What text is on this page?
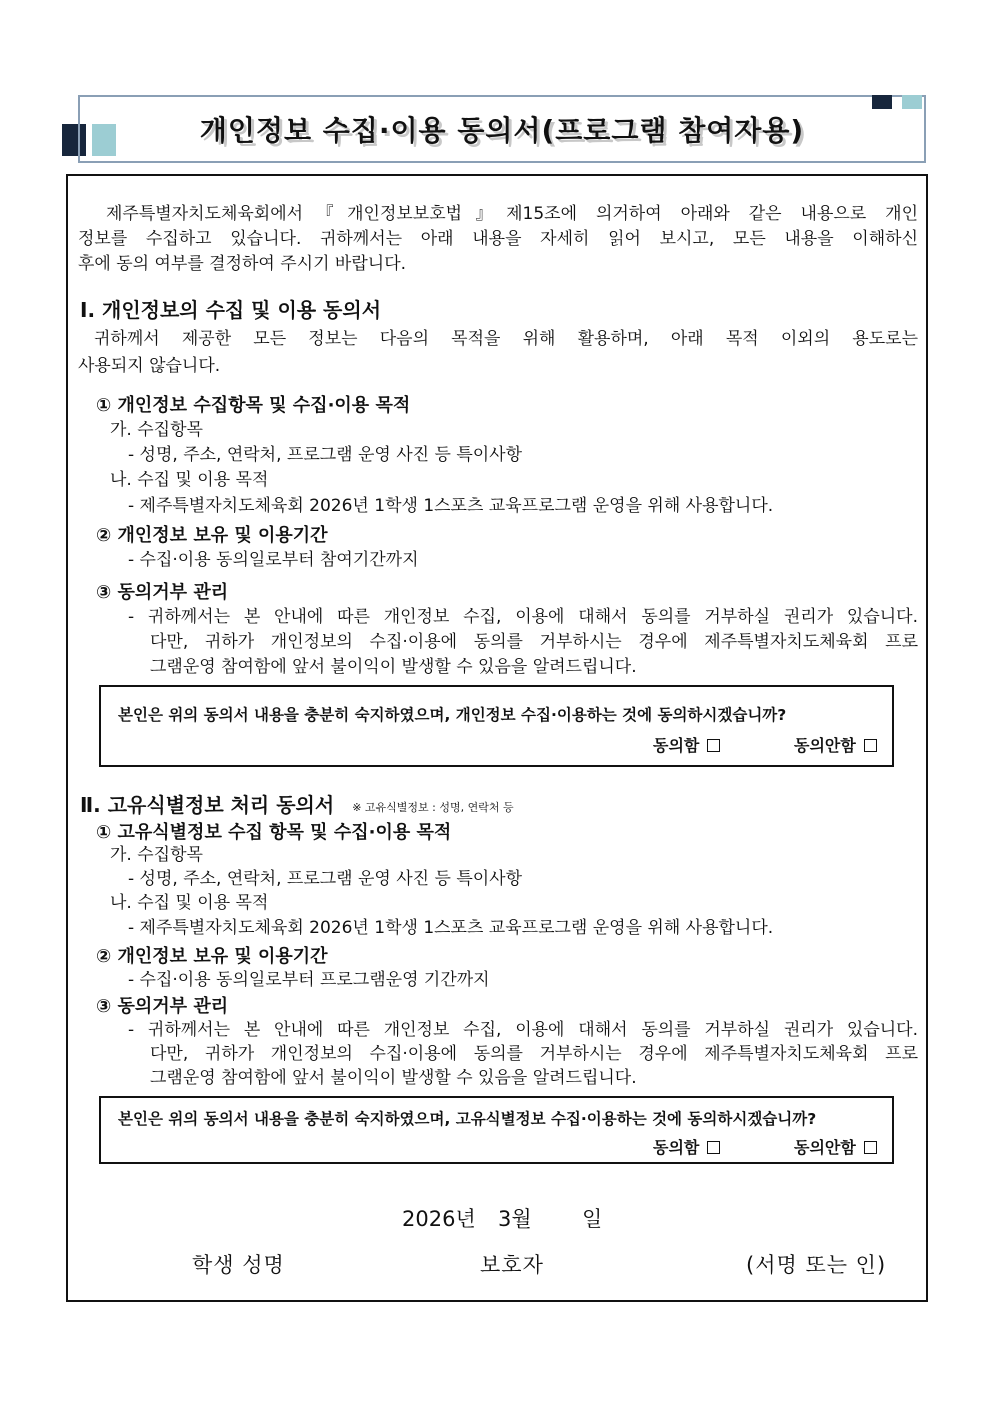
개인정보 수집·이용 동의서(프로그램 참여자용)
제주특별자치도체육회에서『개인정보보호법』제15조에 의거하여 아래와 같은 내용으로 개인
정보를 수집하고 있습니다. 귀하께서는 아래 내용을 자세히 읽어 보시고, 모든 내용을 이해하신
후에 동의 여부를 결정하여 주시기 바랍니다.
Ⅰ. 개인정보의 수집 및 이용 동의서
귀하께서 제공한 모든 정보는 다음의 목적을 위해 활용하며, 아래 목적 이외의 용도로는
사용되지 않습니다.
① 개인정보 수집항목 및 수집·이용 목적
가. 수집항목
- 성명, 주소, 연락처, 프로그램 운영 사진 등 특이사항
나. 수집 및 이용 목적
- 제주특별자치도체육회 2026년 1학생 1스포츠 교육프로그램 운영을 위해 사용합니다.
② 개인정보 보유 및 이용기간
- 수집·이용 동의일로부터 참여기간까지
③ 동의거부 관리
- 귀하께서는 본 안내에 따른 개인정보 수집, 이용에 대해서 동의를 거부하실 권리가 있습니다.
다만, 귀하가 개인정보의 수집·이용에 동의를 거부하시는 경우에 제주특별자치도체육회 프로
그램운영 참여함에 앞서 불이익이 발생할 수 있음을 알려드립니다.
본인은 위의 동의서 내용을 충분히 숙지하였으며, 개인정보 수집·이용하는 것에 동의하시겠습니까?
동의함	동의안함
Ⅱ. 고유식별정보 처리 동의서 ※ 고유식별정보 : 성명, 연락처 등
① 고유식별정보 수집 항목 및 수집·이용 목적
가. 수집항목
- 성명, 주소, 연락처, 프로그램 운영 사진 등 특이사항
나. 수집 및 이용 목적
- 제주특별자치도체육회 2026년 1학생 1스포츠 교육프로그램 운영을 위해 사용합니다.
② 개인정보 보유 및 이용기간
- 수집·이용 동의일로부터 프로그램운영 기간까지
③ 동의거부 관리
- 귀하께서는 본 안내에 따른 개인정보 수집, 이용에 대해서 동의를 거부하실 권리가 있습니다.
다만, 귀하가 개인정보의 수집·이용에 동의를 거부하시는 경우에 제주특별자치도체육회 프로
그램운영 참여함에 앞서 불이익이 발생할 수 있음을 알려드립니다.
본인은 위의 동의서 내용을 충분히 숙지하였으며, 고유식별정보 수집·이용하는 것에 동의하시겠습니까?
동의함	동의안함
2026년 3월 일
학생 성명	보호자	(서명 또는 인)
